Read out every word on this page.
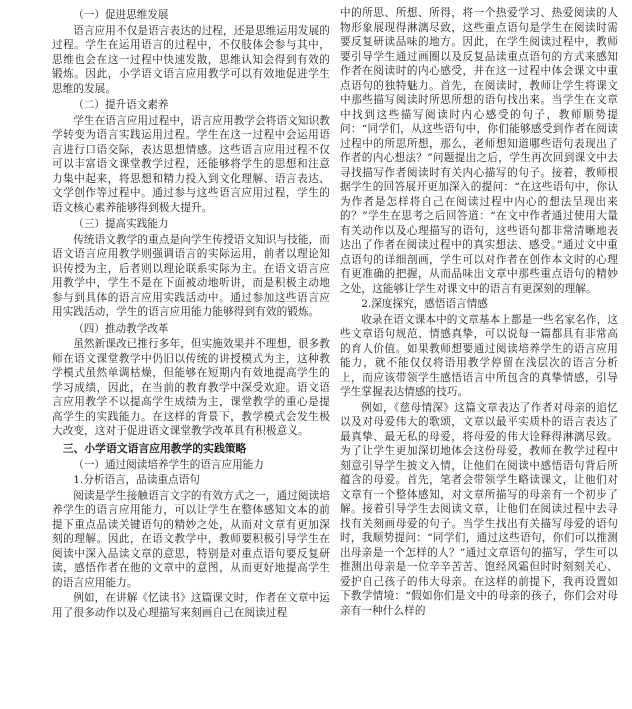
（一）促进思维发展

语言应用不仅是语言表达的过程，还是思维运用发展的过程。学生在运用语言的过程中，不仅肢体会参与其中，思维也会在这一过程中快速发散，思维认知会得到有效的锻炼。因此，小学语文语言应用教学可以有效地促进学生思维的发展。

（二）提升语文素养

学生在语言应用过程中，语言应用教学会将语文知识教学转变为语言实践运用过程。学生在这一过程中会运用语言进行口语交际，表达思想情感。这些语言应用过程不仅可以丰富语文课堂教学过程，还能够将学生的思想和注意力集中起来，将思想和精力投入到文化理解、语言表达、文学创作等过程中。通过参与这些语言应用过程，学生的语文核心素养能够得到极大提升。

（三）提高实践能力

传统语文教学的重点是向学生传授语文知识与技能，而语文语言应用教学则强调语言的实际运用，前者以理论知识传授为主，后者则以理论联系实际为主。在语文语言应用教学中，学生不是在下面被动地听讲，而是积极主动地参与到具体的语言应用实践活动中。通过参加这些语言应用实践活动，学生的语言应用能力能够得到有效的锻炼。

（四）推动教学改革

虽然新课改已推行多年，但实施效果并不理想，很多教师在语文课堂教学中仍旧以传统的讲授模式为主，这种教学模式虽然单调枯燥，但能够在短期内有效地提高学生的学习成绩，因此，在当前的教育教学中深受欢迎。语文语言应用教学不以提高学生成绩为主，课堂教学的重心是提高学生的实践能力。在这样的背景下，教学模式会发生极大改变，这对于促进语文课堂教学改革具有积极意义。

三、小学语文语言应用教学的实践策略
（一）通过阅读培养学生的语言应用能力
1.分析语言，品读重点语句

阅读是学生接触语言文字的有效方式之一，通过阅读培养学生的语言应用能力，可以让学生在整体感知文本的前提下重点品读关键语句的精妙之处，从而对文章有更加深刻的理解。因此，在语文教学中，教师要积极引导学生在阅读中深入品读文章的意思，特别是对重点语句要反复研读，感悟作者在他的文章中的意图，从而更好地提高学生的语言应用能力。

例如，在讲解《忆读书》这篇课文时，作者在文章中运用了很多动作以及心理描写来刻画自己在阅读过程

中的所思、所想、所得，将一个热爱学习、热爱阅读的人物形象展现得淋漓尽致，这些重点语句是学生在阅读时需要反复研读品味的地方。因此，在学生阅读过程中，教师要引导学生通过画圈以及反复品读重点语句的方式来感知作者在阅读时的内心感受，并在这一过程中体会课文中重点语句的独特魅力。首先，在阅读时，教师让学生将课文中那些描写阅读时所思所想的语句找出来。当学生在文章中找到这些描写阅读时内心感受的句子，教师顺势提问：“同学们，从这些语句中，你们能够感受到作者在阅读过程中的所思所想，那么，老师想知道哪些语句表现出了作者的内心想法？”问题提出之后，学生再次回到课文中去寻找描写作者阅读时有关内心描写的句子。接着，教师根据学生的回答展开更加深入的提问：“在这些语句中，你认为作者是怎样将自己在阅读过程中内心的想法呈现出来的？”学生在思考之后回答道：“在文中作者通过使用大量有关动作以及心理描写的语句，这些语句都非常清晰地表达出了作者在阅读过程中的真实想法、感受。”通过文中重点语句的详细剖画，学生可以对作者在创作本文时的心理有更准确的把握，从而品味出文章中那些重点语句的精妙之处，这能够让学生对课文中的语言有更深刻的理解。

2.深度探究，感悟语言情感

收录在语文课本中的文章基本上都是一些名家名作，这些文章语句规范、情感真挚，可以说每一篇都具有非常高的育人价值。如果教师想要通过阅读培养学生的语言应用能力，就不能仅仅将语用教学停留在浅层次的语言分析上，而应该带领学生感悟语言中所包含的真挚情感，引导学生掌握表达情感的技巧。

例如，《慈母情深》这篇文章表达了作者对母亲的追忆以及对母爱伟大的歌颂，文章以最平实质朴的语言表达了最真挚、最无私的母爱，将母爱的伟大诠释得淋漓尽致。为了让学生更加深切地体会这份母爱，教师在教学过程中刻意引导学生披文入情，让他们在阅读中感悟语句背后所蕴含的母爱。首先，笔者会带领学生略读课文，让他们对文章有一个整体感知，对文章所描写的母亲有一个初步了解。接着引导学生去阅读文章，让他们在阅读过程中去寻找有关刻画母爱的句子。当学生找出有关描写母爱的语句时，我顺势提问：“同学们，通过这些语句，你们可以推测出母亲是一个怎样的人？”通过文章语句的描写，学生可以推测出母亲是一位辛辛苦苦、饱经风霜但时时刻刻关心、爱护自己孩子的伟大母亲。在这样的前提下，我再设置如下教学情境：“假如你们是文中的母亲的孩子，你们会对母亲有一种什么样的
